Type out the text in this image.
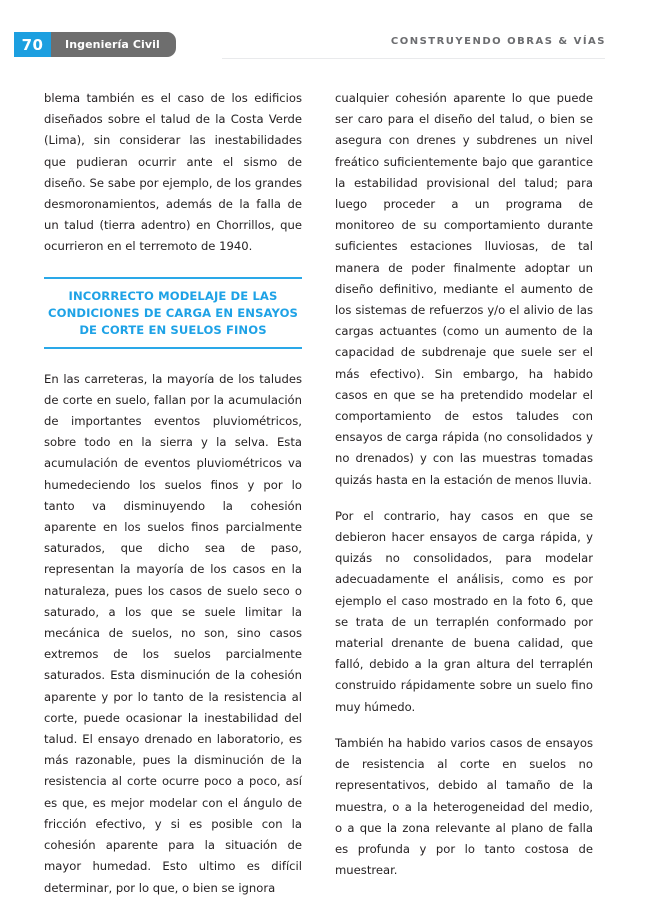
70	Ingeniería Civil	CONSTRUYENDO OBRAS & VÍAS

blema también es el caso de los edificios diseñados sobre el talud de la Costa Verde (Lima), sin considerar las inestabilidades que pudieran ocurrir ante el sismo de diseño. Se sabe por ejemplo, de los grandes desmoronamientos, además de la falla de un talud (tierra adentro) en Chorrillos, que ocurrieron en el terremoto de 1940.

INCORRECTO MODELAJE DE LAS CONDICIONES DE CARGA EN ENSAYOS DE CORTE EN SUELOS FINOS

En las carreteras, la mayoría de los taludes de corte en suelo, fallan por la acumulación de importantes eventos pluviométricos, sobre todo en la sierra y la selva. Esta acumulación de eventos pluviométricos va humedeciendo los suelos finos y por lo tanto va disminuyendo la cohesión aparente en los suelos finos parcialmente saturados, que dicho sea de paso, representan la mayoría de los casos en la naturaleza, pues los casos de suelo seco o saturado, a los que se suele limitar la mecánica de suelos, no son, sino casos extremos de los suelos parcialmente saturados. Esta disminución de la cohesión aparente y por lo tanto de la resistencia al corte, puede ocasionar la inestabilidad del talud. El ensayo drenado en laboratorio, es más razonable, pues la disminución de la resistencia al corte ocurre poco a poco, así es que, es mejor modelar con el ángulo de fricción efectivo, y si es posible con la cohesión aparente para la situación de mayor humedad. Esto ultimo es difícil determinar, por lo que, o bien se ignora

cualquier cohesión aparente lo que puede ser caro para el diseño del talud, o bien se asegura con drenes y subdrenes un nivel freático suficientemente bajo que garantice la estabilidad provisional del talud; para luego proceder a un programa de monitoreo de su comportamiento durante suficientes estaciones lluviosas, de tal manera de poder finalmente adoptar un diseño definitivo, mediante el aumento de los sistemas de refuerzos y/o el alivio de las cargas actuantes (como un aumento de la capacidad de subdrenaje que suele ser el más efectivo). Sin embargo, ha habido casos en que se ha pretendido modelar el comportamiento de estos taludes con ensayos de carga rápida (no consolidados y no drenados) y con las muestras tomadas quizás hasta en la estación de menos lluvia.

Por el contrario, hay casos en que se debieron hacer ensayos de carga rápida, y quizás no consolidados, para modelar adecuadamente el análisis, como es por ejemplo el caso mostrado en la foto 6, que se trata de un terraplén conformado por material drenante de buena calidad, que falló, debido a la gran altura del terraplén construido rápidamente sobre un suelo fino muy húmedo.

También ha habido varios casos de ensayos de resistencia al corte en suelos no representativos, debido al tamaño de la muestra, o a la heterogeneidad del medio, o a que la zona relevante al plano de falla es profunda y por lo tanto costosa de muestrear.
